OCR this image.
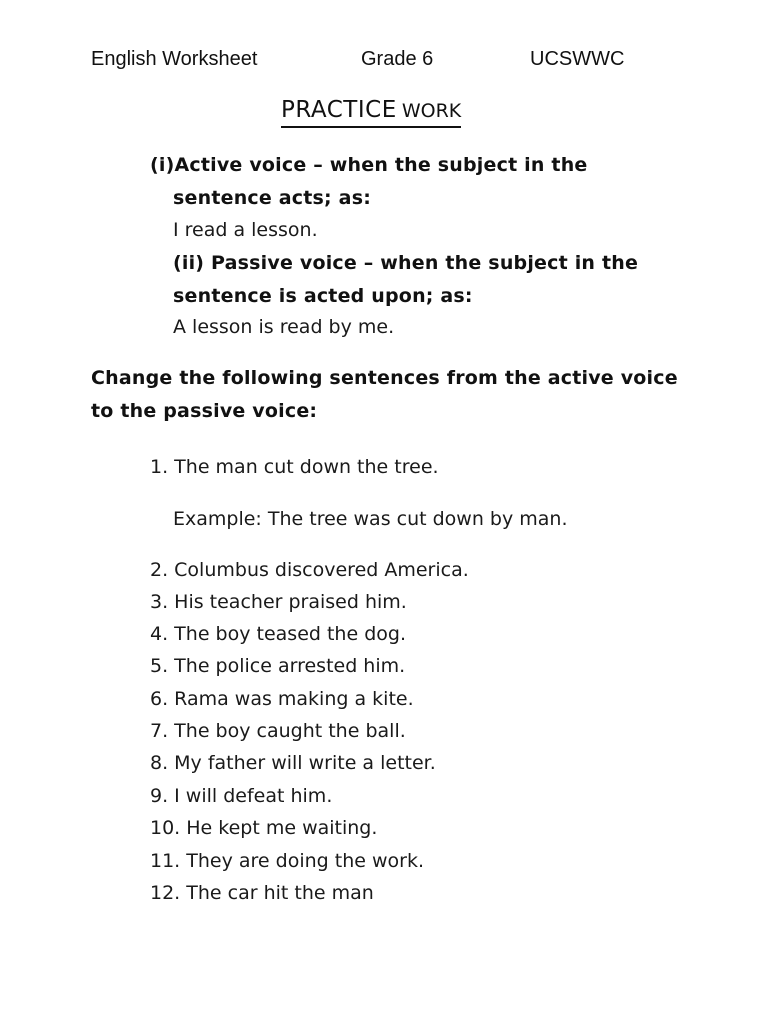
English Worksheet	Grade 6	UCSWWC
PRACTICE WORK
(i)Active voice – when the subject in the
sentence acts; as:
I read a lesson.
(ii) Passive voice – when the subject in the
sentence is acted upon; as:
A lesson is read by me.
Change the following sentences from the active voice
to the passive voice:
1. The man cut down the tree.
Example: The tree was cut down by man.
2. Columbus discovered America.
3. His teacher praised him.
4. The boy teased the dog.
5. The police arrested him.
6. Rama was making a kite.
7. The boy caught the ball.
8. My father will write a letter.
9. I will defeat him.
10. He kept me waiting.
11. They are doing the work.
12. The car hit the man
